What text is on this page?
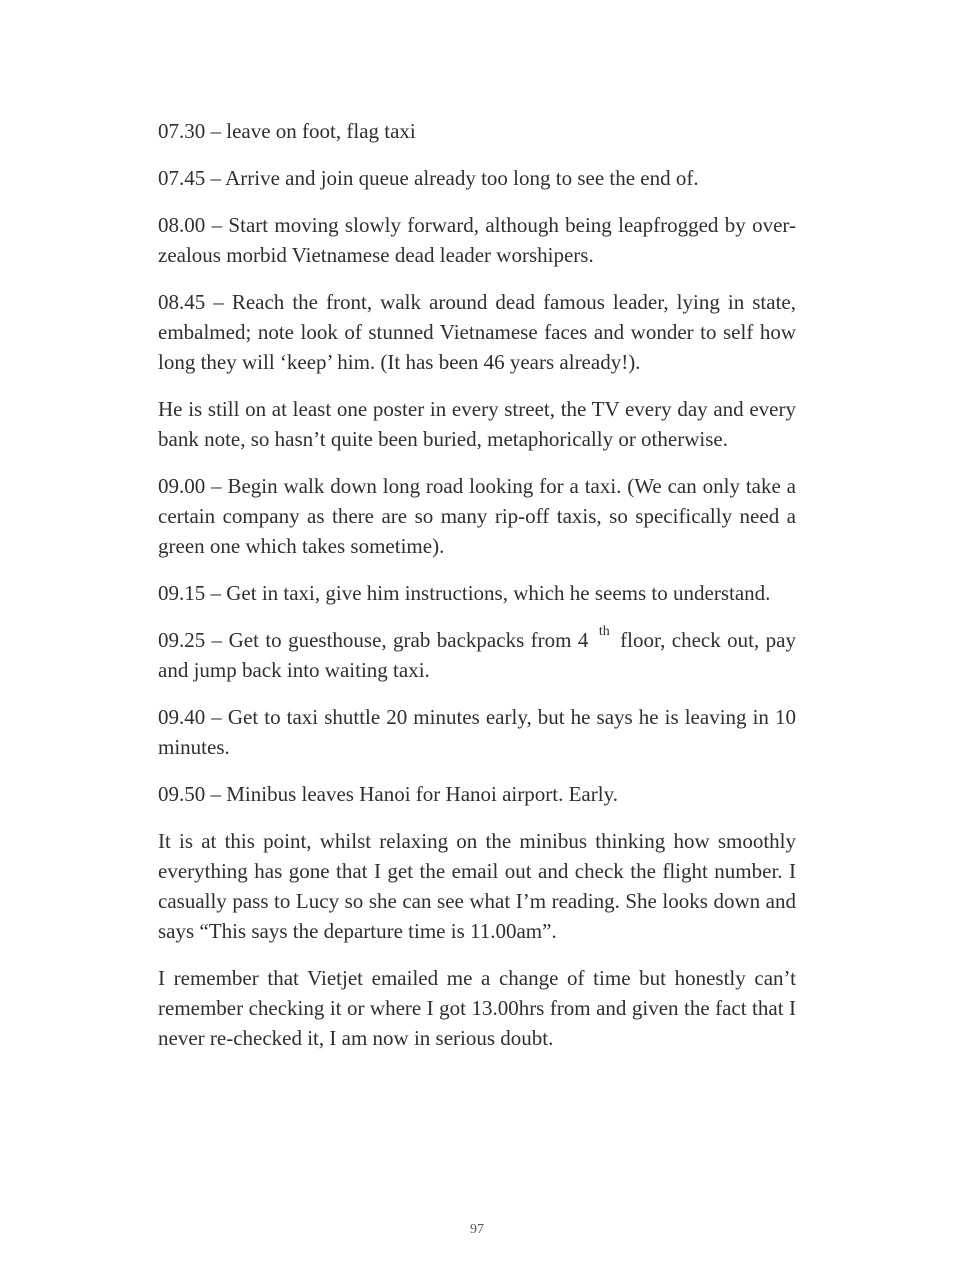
07.30 – leave on foot, flag taxi

07.45 – Arrive and join queue already too long to see the end of.

08.00 – Start moving slowly forward, although being leapfrogged by over-zealous morbid Vietnamese dead leader worshipers.

08.45 – Reach the front, walk around dead famous leader, lying in state, embalmed; note look of stunned Vietnamese faces and wonder to self how long they will ‘keep’ him. (It has been 46 years already!).

He is still on at least one poster in every street, the TV every day and every bank note, so hasn’t quite been buried, metaphorically or otherwise.

09.00 – Begin walk down long road looking for a taxi. (We can only take a certain company as there are so many rip-off taxis, so specifically need a green one which takes sometime).

09.15 – Get in taxi, give him instructions, which he seems to understand.

09.25 – Get to guesthouse, grab backpacks from 4 $^{th}$ floor, check out, pay and jump back into waiting taxi.

09.40 – Get to taxi shuttle 20 minutes early, but he says he is leaving in 10 minutes.

09.50 – Minibus leaves Hanoi for Hanoi airport. Early.

It is at this point, whilst relaxing on the minibus thinking how smoothly everything has gone that I get the email out and check the flight number. I casually pass to Lucy so she can see what I’m reading. She looks down and says “This says the departure time is 11.00am”.

I remember that Vietjet emailed me a change of time but honestly can’t remember checking it or where I got 13.00hrs from and given the fact that I never re-checked it, I am now in serious doubt.

97
